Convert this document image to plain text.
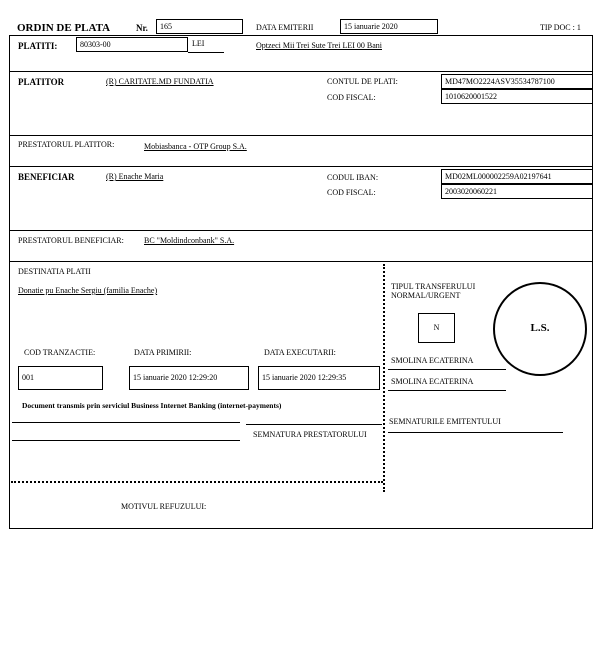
ORDIN DE PLATA	Nr.	165	DATA EMITERII	15 ianuarie 2020	TIP DOC : 1
PLATITI:	80303-00	LEI	Optzeci Mii Trei Sute Trei LEI 00 Bani
PLATITOR	(R) CARITATE.MD FUNDATIA	CONTUL DE PLATI:	MD47MO2224ASV35534787100
COD FISCAL:	1010620001522
PRESTATORUL PLATITOR:	Mobiasbanca - OTP Group S.A.
BENEFICIAR	(R) Enache Maria	CODUL IBAN:	MD02ML000002259A02197641
COD FISCAL:	2003020060221
PRESTATORUL BENEFICIAR:	BC "Moldindconbank" S.A.
DESTINATIA PLATII
Donatie pu Enache Sergiu (familia Enache)	TIPUL TRANSFERULUI
NORMAL/URGENT
N	L.S.
COD TRANZACTIE:	DATA PRIMIRII:	DATA EXECUTARII:
001	15 ianuarie 2020 12:29:20	15 ianuarie 2020 12:29:35
SMOLINA ECATERINA
SMOLINA ECATERINA
Document transmis prin serviciul Business Internet Banking (internet-payments)
SEMNATURA PRESTATORULUI
SEMNATURILE EMITENTULUI
MOTIVUL REFUZULUI:
